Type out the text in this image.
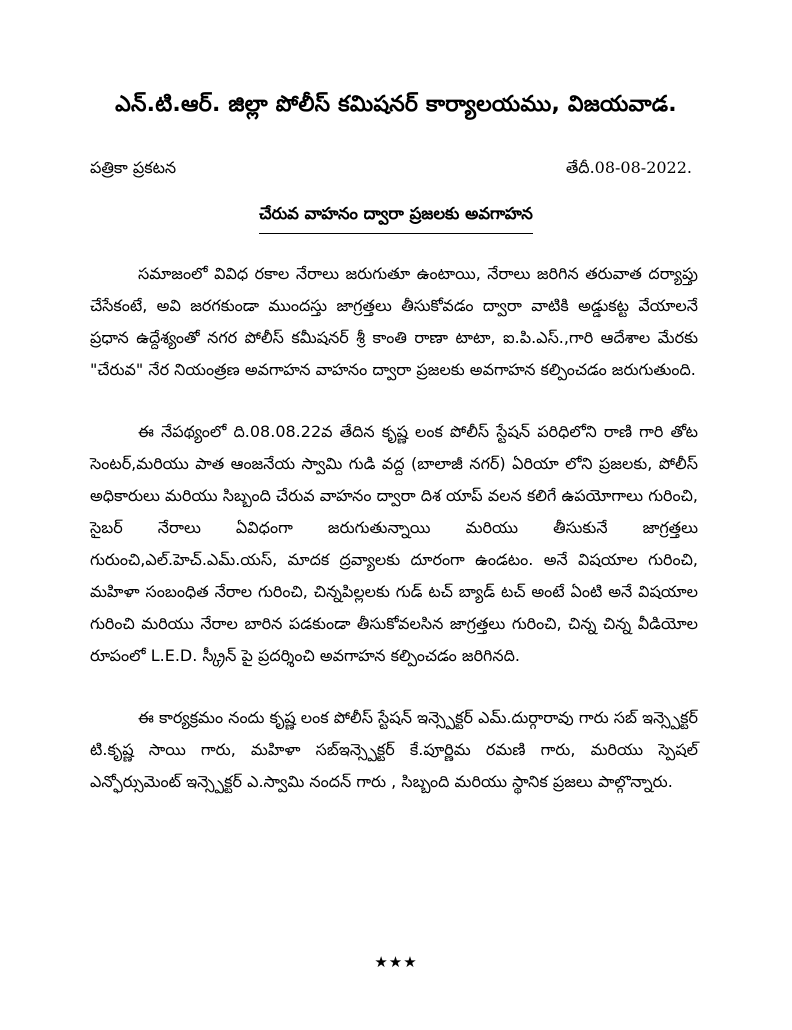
ఎన్.టి.ఆర్. జిల్లా పోలీస్ కమిషనర్ కార్యాలయము, విజయవాడ.
పత్రికా ప్రకటన	తేదీ.08-08-2022.
చేరువ వాహనం ద్వారా ప్రజలకు అవగాహన

సమాజంలో వివిధ రకాల నేరాలు జరుగుతూ ఉంటాయి, నేరాలు జరిగిన తరువాత దర్యాప్తు చేసేకంటే, అవి జరగకుండా ముందస్తు జాగ్రత్తలు తీసుకోవడం ద్వారా వాటికి అడ్డుకట్ట వేయాలనే ప్రధాన ఉద్దేశ్యంతో నగర పోలీస్ కమీషనర్ శ్రీ కాంతి రాణా టాటా, ఐ.పి.ఎస్.,గారి ఆదేశాల మేరకు "చేరువ" నేర నియంత్రణ అవగాహన వాహనం ద్వారా ప్రజలకు అవగాహన కల్పించడం జరుగుతుంది.

ఈ నేపథ్యంలో ది.08.08.22వ తేదిన కృష్ణ లంక పోలీస్ స్టేషన్ పరిధిలోని రాణి గారి తోట సెంటర్,మరియు పాత ఆంజనేయ స్వామి గుడి వద్ద (బాలాజీ నగర్) ఏరియా లోని ప్రజలకు, పోలీస్ అధికారులు మరియు సిబ్బంది చేరువ వాహనం ద్వారా దిశ యాప్ వలన కలిగే ఉపయోగాలు గురించి, సైబర్ నేరాలు ఏవిధంగా జరుగుతున్నాయి మరియు తీసుకునే జాగ్రత్తలు గురుంచి,ఎల్.హెచ్.ఎమ్.యస్, మాదక ద్రవ్యాలకు దూరంగా ఉండటం. అనే విషయాల గురించి, మహిళా సంబంధిత నేరాల గురించి, చిన్నపిల్లలకు గుడ్ టచ్ బ్యాడ్ టచ్ అంటే ఏంటి అనే విషయాల గురించి మరియు నేరాల బారిన పడకుండా తీసుకోవలసిన జాగ్రత్తలు గురించి, చిన్న చిన్న వీడియోల రూపంలో L.E.D. స్క్రీన్ పై ప్రదర్శించి అవగాహన కల్పించడం జరిగినది.

ఈ కార్యక్రమం నందు కృష్ణ లంక పోలీస్ స్టేషన్ ఇన్స్పెక్టర్ ఎమ్.దుర్గారావు గారు సబ్ ఇన్స్పెక్టర్ టి.కృష్ణ సాయి గారు, మహిళా సబ్ఇన్స్పెక్టర్ కే.పూర్ణిమ రమణి గారు, మరియు స్పెషల్ ఎన్ఫోర్సుమెంట్ ఇన్స్పెక్టర్ ఎ.స్వామి నందన్ గారు , సిబ్బంది మరియు స్థానిక ప్రజలు పాల్గొన్నారు.

★★★
